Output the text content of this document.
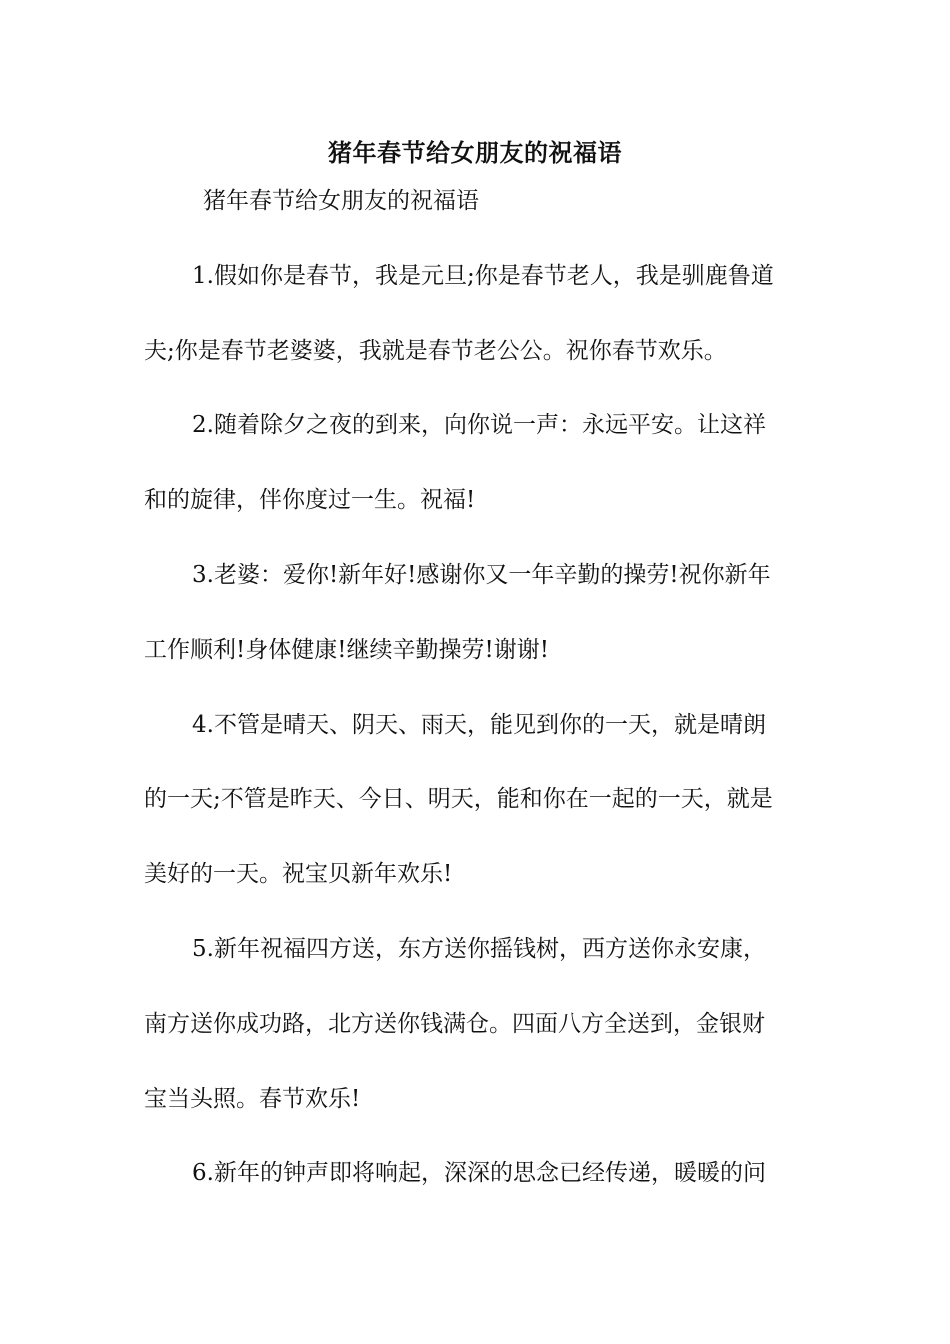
猪年春节给女朋友的祝福语
猪年春节给女朋友的祝福语
1.假如你是春节，我是元旦;你是春节老人，我是驯鹿鲁道
夫;你是春节老婆婆，我就是春节老公公。祝你春节欢乐。
2.随着除夕之夜的到来，向你说一声：永远平安。让这祥
和的旋律，伴你度过一生。祝福!
3.老婆：爱你!新年好!感谢你又一年辛勤的操劳!祝你新年
工作顺利!身体健康!继续辛勤操劳!谢谢!
4.不管是晴天、阴天、雨天，能见到你的一天，就是晴朗
的一天;不管是昨天、今日、明天，能和你在一起的一天，就是
美好的一天。祝宝贝新年欢乐!
5.新年祝福四方送，东方送你摇钱树，西方送你永安康，
南方送你成功路，北方送你钱满仓。四面八方全送到，金银财
宝当头照。春节欢乐!
6.新年的钟声即将响起，深深的思念已经传递，暖暖的问
